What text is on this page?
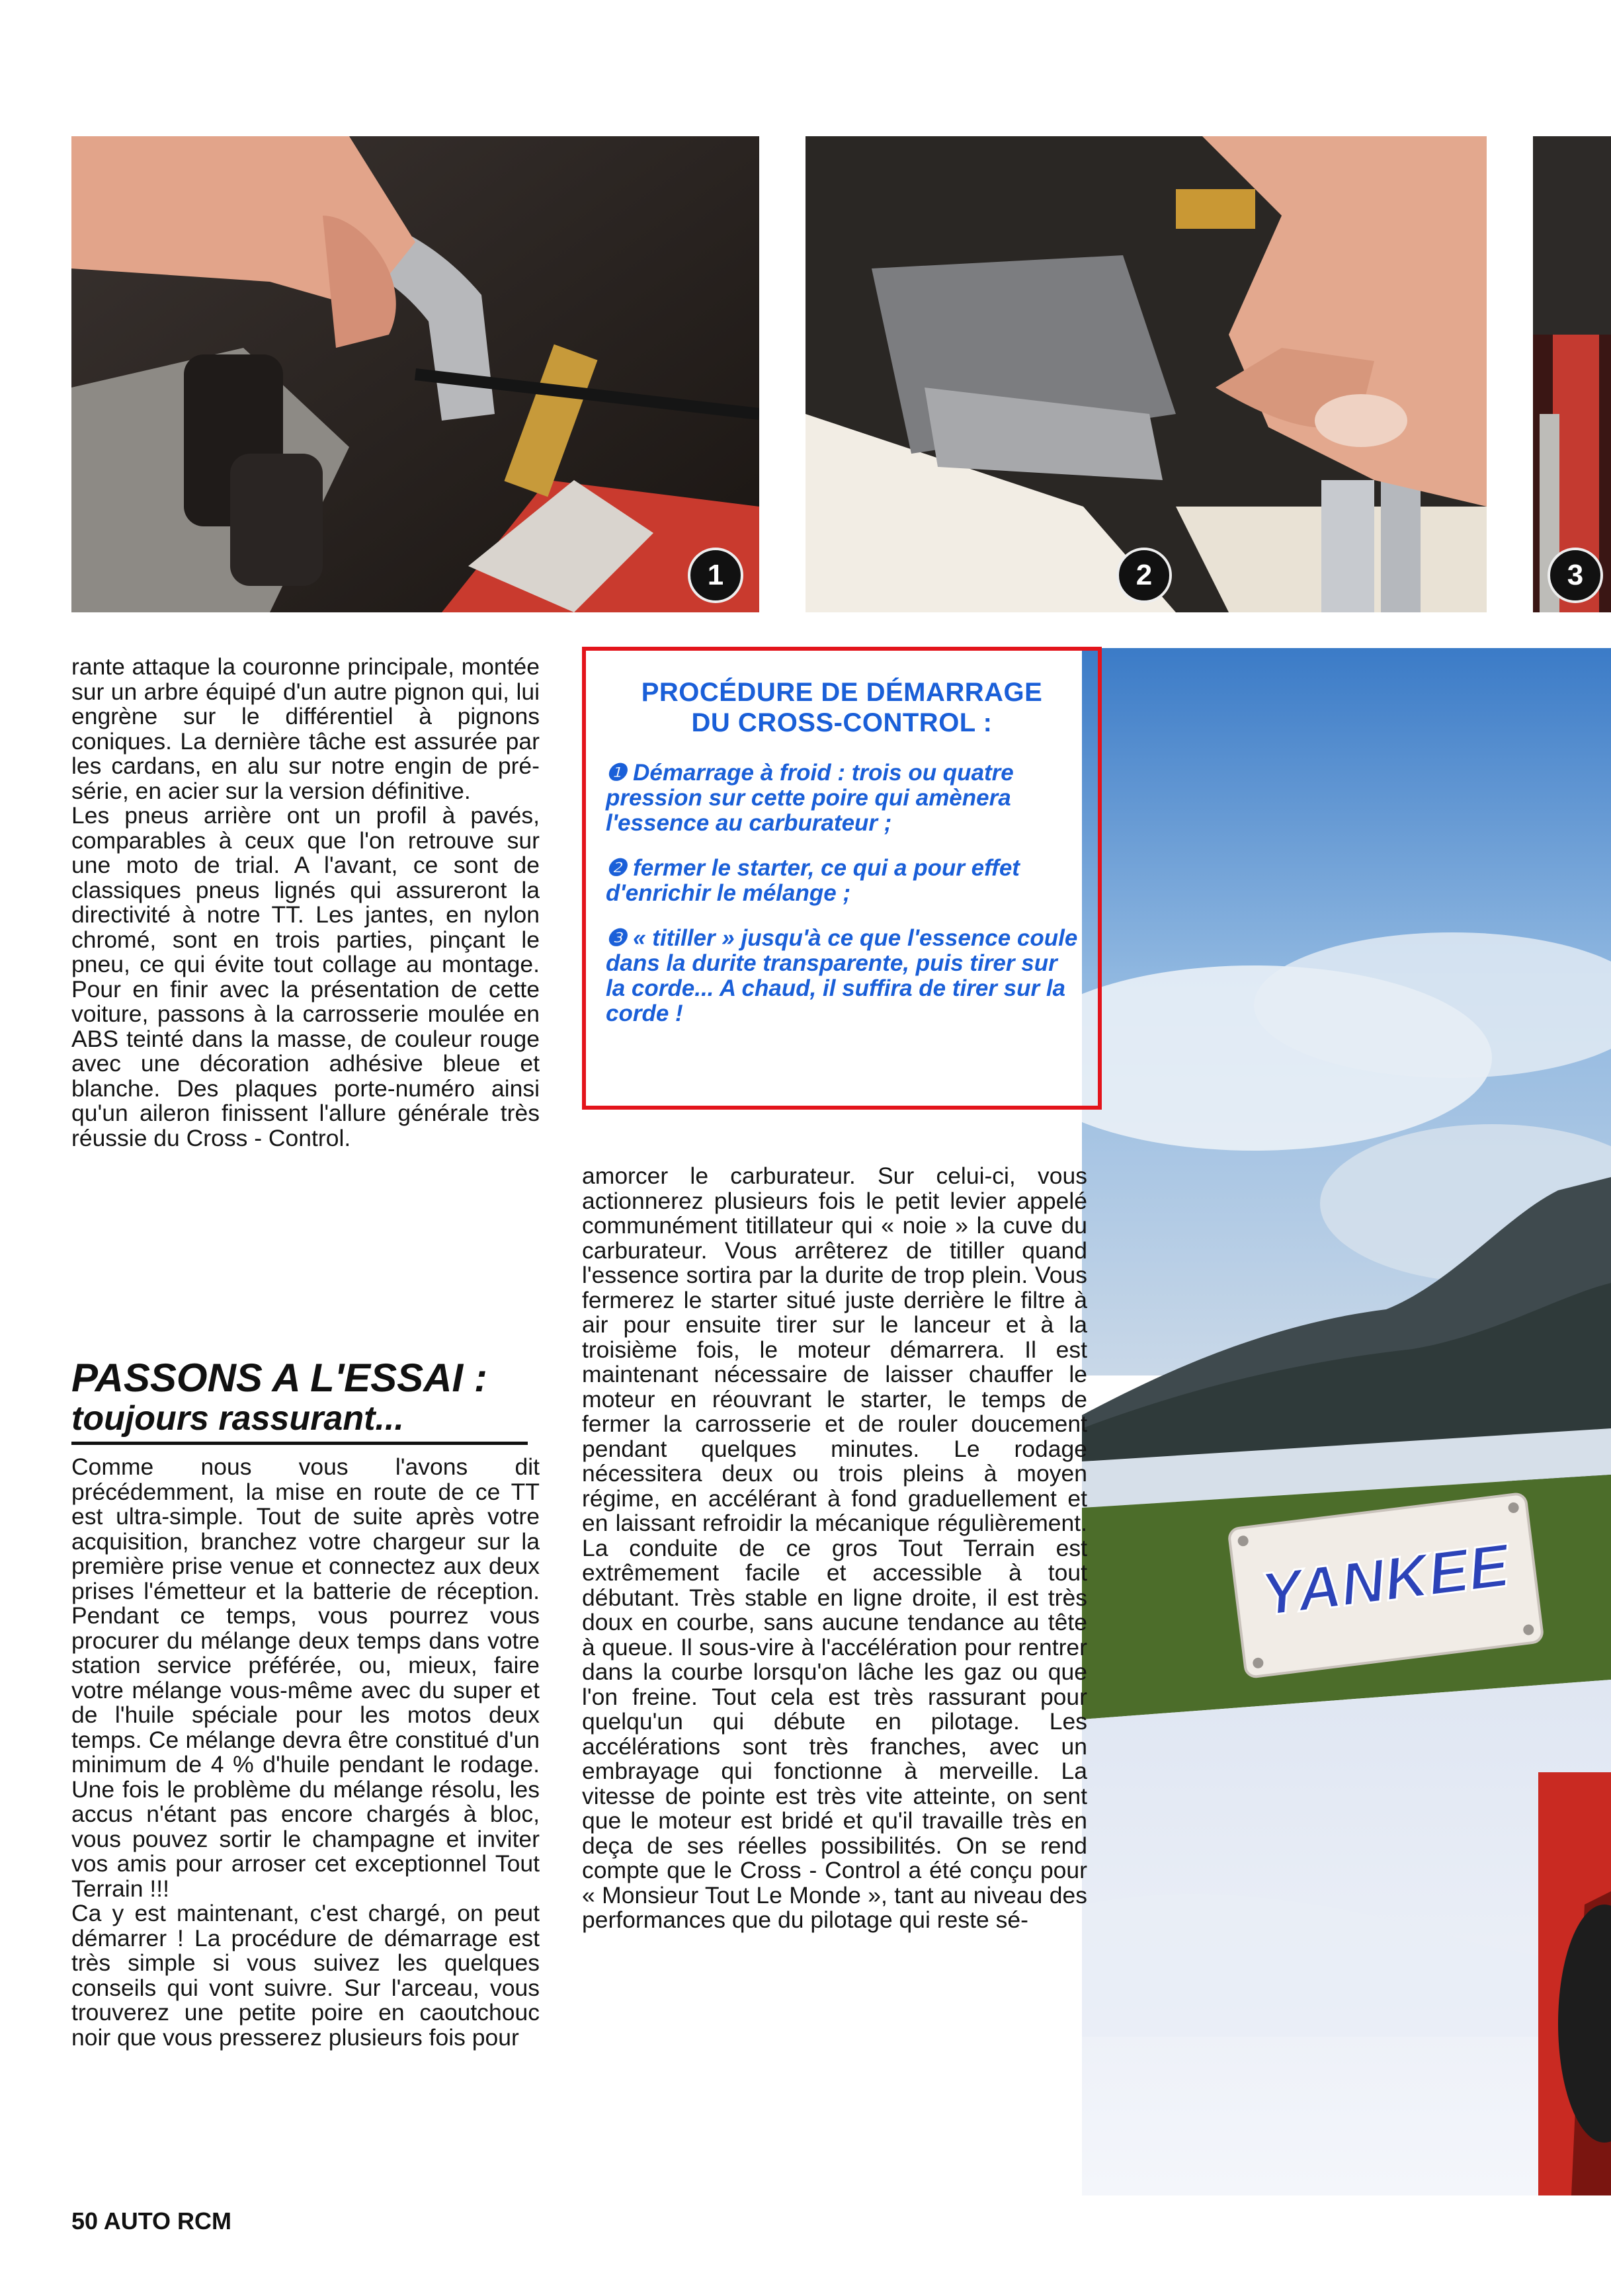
1	2	3
YANKEE

rante attaque la couronne principale, montée sur un arbre équipé d'un autre pignon qui, lui engrène sur le différentiel à pignons coniques. La dernière tâche est assurée par les cardans, en alu sur notre engin de pré-série, en acier sur la version définitive.

Les pneus arrière ont un profil à pavés, comparables à ceux que l'on retrouve sur une moto de trial. A l'avant, ce sont de classiques pneus lignés qui assureront la directivité à notre TT. Les jantes, en nylon chromé, sont en trois parties, pinçant le pneu, ce qui évite tout collage au montage. Pour en finir avec la présentation de cette voiture, passons à la carrosserie moulée en ABS teinté dans la masse, de couleur rouge avec une décoration adhésive bleue et blanche. Des plaques porte-numéro ainsi qu'un aileron finissent l'allure générale très réussie du Cross - Control.

PASSONS A L'ESSAI :
toujours rassurant...

Comme nous vous l'avons dit précédemment, la mise en route de ce TT est ultra-simple. Tout de suite après votre acquisition, branchez votre chargeur sur la première prise venue et connectez aux deux prises l'émetteur et la batterie de réception. Pendant ce temps, vous pourrez vous procurer du mélange deux temps dans votre station service préférée, ou, mieux, faire votre mélange vous-même avec du super et de l'huile spéciale pour les motos deux temps. Ce mélange devra être constitué d'un minimum de 4 % d'huile pendant le rodage. Une fois le problème du mélange résolu, les accus n'étant pas encore chargés à bloc, vous pouvez sortir le champagne et inviter vos amis pour arroser cet exceptionnel Tout Terrain !!!

Ca y est maintenant, c'est chargé, on peut démarrer ! La procédure de démarrage est très simple si vous suivez les quelques conseils qui vont suivre. Sur l'arceau, vous trouverez une petite poire en caoutchouc noir que vous presserez plusieurs fois pour

PROCÉDURE DE DÉMARRAGE
DU CROSS-CONTROL :
❶ Démarrage à froid : trois ou quatre pression sur cette poire qui amènera l'essence au carburateur ;
❷ fermer le starter, ce qui a pour effet d'enrichir le mélange ;
❸ « titiller » jusqu'à ce que l'essence coule dans la durite transparente, puis tirer sur la corde... A chaud, il suffira de tirer sur la corde !

amorcer le carburateur. Sur celui-ci, vous actionnerez plusieurs fois le petit levier appelé communément titillateur qui « noie » la cuve du carburateur. Vous arrêterez de titiller quand l'essence sortira par la durite de trop plein. Vous fermerez le starter situé juste derrière le filtre à air pour ensuite tirer sur le lanceur et à la troisième fois, le moteur démarrera. Il est maintenant nécessaire de laisser chauffer le moteur en réouvrant le starter, le temps de fermer la carrosserie et de rouler doucement pendant quelques minutes. Le rodage nécessitera deux ou trois pleins à moyen régime, en accélérant à fond graduellement et en laissant refroidir la mécanique régulièrement. La conduite de ce gros Tout Terrain est extrêmement facile et accessible à tout débutant. Très stable en ligne droite, il est très doux en courbe, sans aucune tendance au tête à queue. Il sous-vire à l'accélération pour rentrer dans la courbe lorsqu'on lâche les gaz ou que l'on freine. Tout cela est très rassurant pour quelqu'un qui débute en pilotage. Les accélérations sont très franches, avec un embrayage qui fonctionne à merveille. La vitesse de pointe est très vite atteinte, on sent que le moteur est bridé et qu'il travaille très en deça de ses réelles possibilités. On se rend compte que le Cross - Control a été conçu pour « Monsieur Tout Le Monde », tant au niveau des performances que du pilotage qui reste sé-

50 AUTO RCM
